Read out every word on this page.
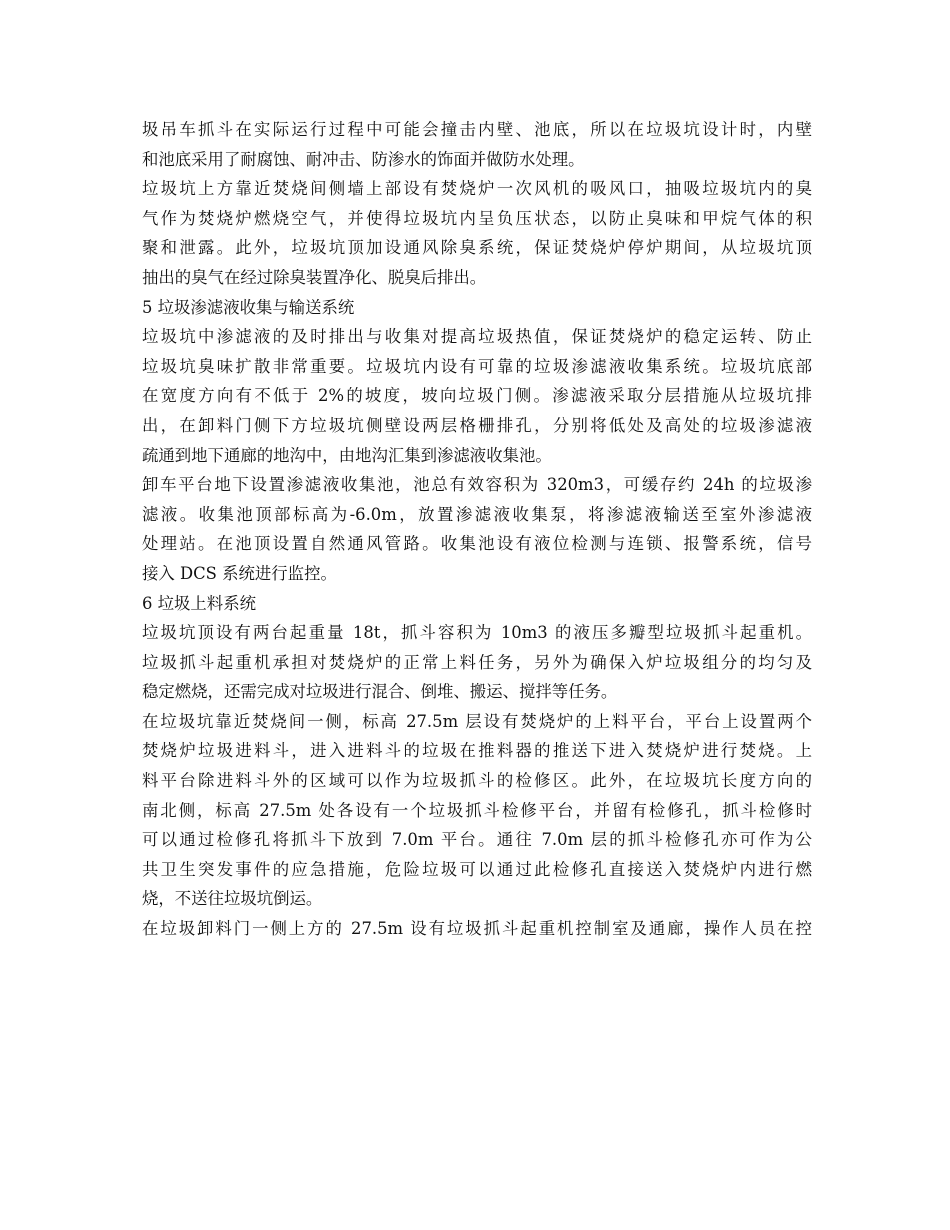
圾吊车抓斗在实际运行过程中可能会撞击内壁、池底，所以在垃圾坑设计时，内壁
和池底采用了耐腐蚀、耐冲击、防渗水的饰面并做防水处理。
垃圾坑上方靠近焚烧间侧墙上部设有焚烧炉一次风机的吸风口，抽吸垃圾坑内的臭
气作为焚烧炉燃烧空气，并使得垃圾坑内呈负压状态，以防止臭味和甲烷气体的积
聚和泄露。此外，垃圾坑顶加设通风除臭系统，保证焚烧炉停炉期间，从垃圾坑顶
抽出的臭气在经过除臭装置净化、脱臭后排出。
5 垃圾渗滤液收集与输送系统
垃圾坑中渗滤液的及时排出与收集对提高垃圾热值，保证焚烧炉的稳定运转、防止
垃圾坑臭味扩散非常重要。垃圾坑内设有可靠的垃圾渗滤液收集系统。垃圾坑底部
在宽度方向有不低于 2%的坡度，坡向垃圾门侧。渗滤液采取分层措施从垃圾坑排
出，在卸料门侧下方垃圾坑侧壁设两层格栅排孔，分别将低处及高处的垃圾渗滤液
疏通到地下通廊的地沟中，由地沟汇集到渗滤液收集池。
卸车平台地下设置渗滤液收集池，池总有效容积为 320m3，可缓存约 24h 的垃圾渗
滤液。收集池顶部标高为-6.0m，放置渗滤液收集泵，将渗滤液输送至室外渗滤液
处理站。在池顶设置自然通风管路。收集池设有液位检测与连锁、报警系统，信号
接入 DCS 系统进行监控。
6 垃圾上料系统
垃圾坑顶设有两台起重量 18t，抓斗容积为 10m3 的液压多瓣型垃圾抓斗起重机。
垃圾抓斗起重机承担对焚烧炉的正常上料任务，另外为确保入炉垃圾组分的均匀及
稳定燃烧，还需完成对垃圾进行混合、倒堆、搬运、搅拌等任务。
在垃圾坑靠近焚烧间一侧，标高 27.5m 层设有焚烧炉的上料平台，平台上设置两个
焚烧炉垃圾进料斗，进入进料斗的垃圾在推料器的推送下进入焚烧炉进行焚烧。上
料平台除进料斗外的区域可以作为垃圾抓斗的检修区。此外，在垃圾坑长度方向的
南北侧，标高 27.5m 处各设有一个垃圾抓斗检修平台，并留有检修孔，抓斗检修时
可以通过检修孔将抓斗下放到 7.0m 平台。通往 7.0m 层的抓斗检修孔亦可作为公
共卫生突发事件的应急措施，危险垃圾可以通过此检修孔直接送入焚烧炉内进行燃
烧，不送往垃圾坑倒运。
在垃圾卸料门一侧上方的 27.5m 设有垃圾抓斗起重机控制室及通廊，操作人员在控
